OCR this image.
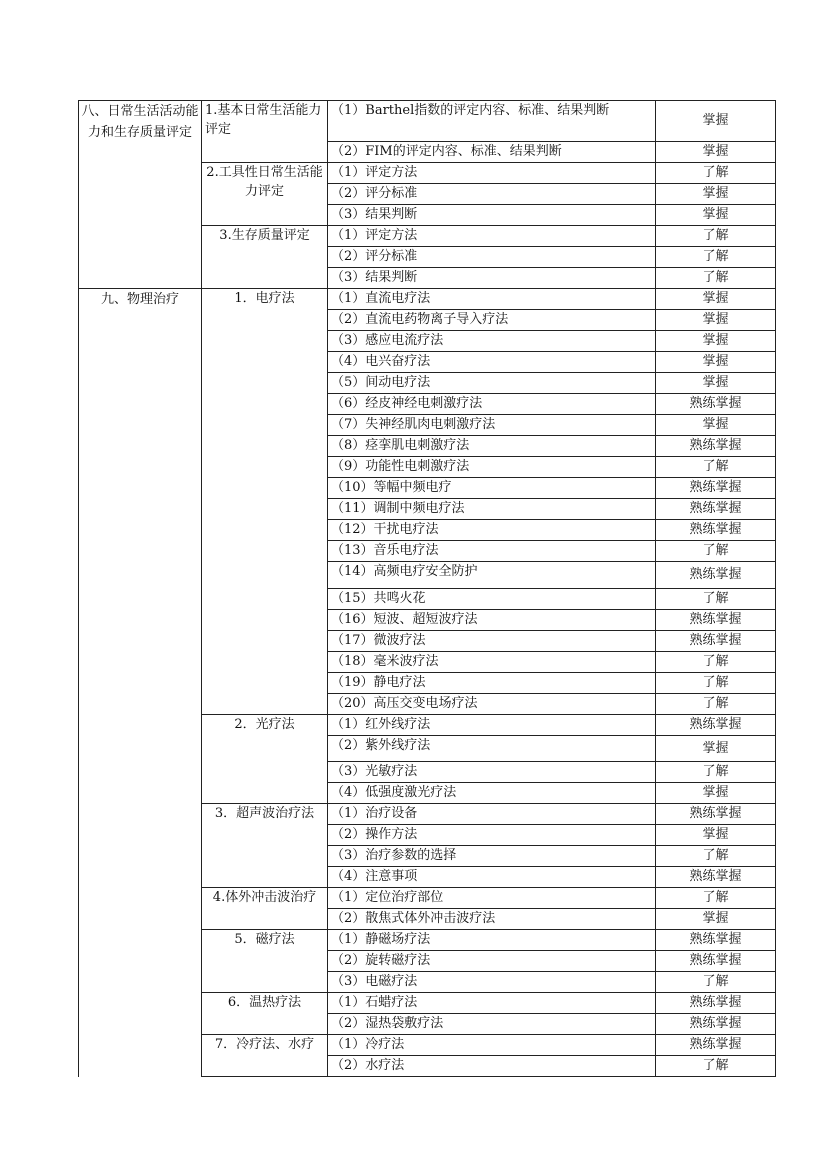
八、日常生活活动能力和生存质量评定	1.基本日常生活能力评定	（1）Barthel指数的评定内容、标准、结果判断	掌握
		（2）FIM的评定内容、标准、结果判断	掌握
	2.工具性日常生活能力评定	（1）评定方法	了解
		（2）评分标准	掌握
		（3）结果判断	掌握
	3.生存质量评定	（1）评定方法	了解
		（2）评分标准	了解
		（3）结果判断	了解
九、物理治疗	1．电疗法	（1）直流电疗法	掌握
		（2）直流电药物离子导入疗法	掌握
		（3）感应电流疗法	掌握
		（4）电兴奋疗法	掌握
		（5）间动电疗法	掌握
		（6）经皮神经电刺激疗法	熟练掌握
		（7）失神经肌肉电刺激疗法	掌握
		（8）痉挛肌电刺激疗法	熟练掌握
		（9）功能性电刺激疗法	了解
		（10）等幅中频电疗	熟练掌握
		（11）调制中频电疗法	熟练掌握
		（12）干扰电疗法	熟练掌握
		（13）音乐电疗法	了解
		（14）高频电疗安全防护	熟练掌握
		（15）共鸣火花	了解
		（16）短波、超短波疗法	熟练掌握
		（17）微波疗法	熟练掌握
		（18）毫米波疗法	了解
		（19）静电疗法	了解
		（20）高压交变电场疗法	了解
	2．光疗法	（1）红外线疗法	熟练掌握
		（2）紫外线疗法	掌握
		（3）光敏疗法	了解
		（4）低强度激光疗法	掌握
	3．超声波治疗法	（1）治疗设备	熟练掌握
		（2）操作方法	掌握
		（3）治疗参数的选择	了解
		（4）注意事项	熟练掌握
	4.体外冲击波治疗	（1）定位治疗部位	了解
		（2）散焦式体外冲击波疗法	掌握
	5．磁疗法	（1）静磁场疗法	熟练掌握
		（2）旋转磁疗法	熟练掌握
		（3）电磁疗法	了解
	6．温热疗法	（1）石蜡疗法	熟练掌握
		（2）湿热袋敷疗法	熟练掌握
	7．冷疗法、水疗	（1）冷疗法	熟练掌握
		（2）水疗法	了解
